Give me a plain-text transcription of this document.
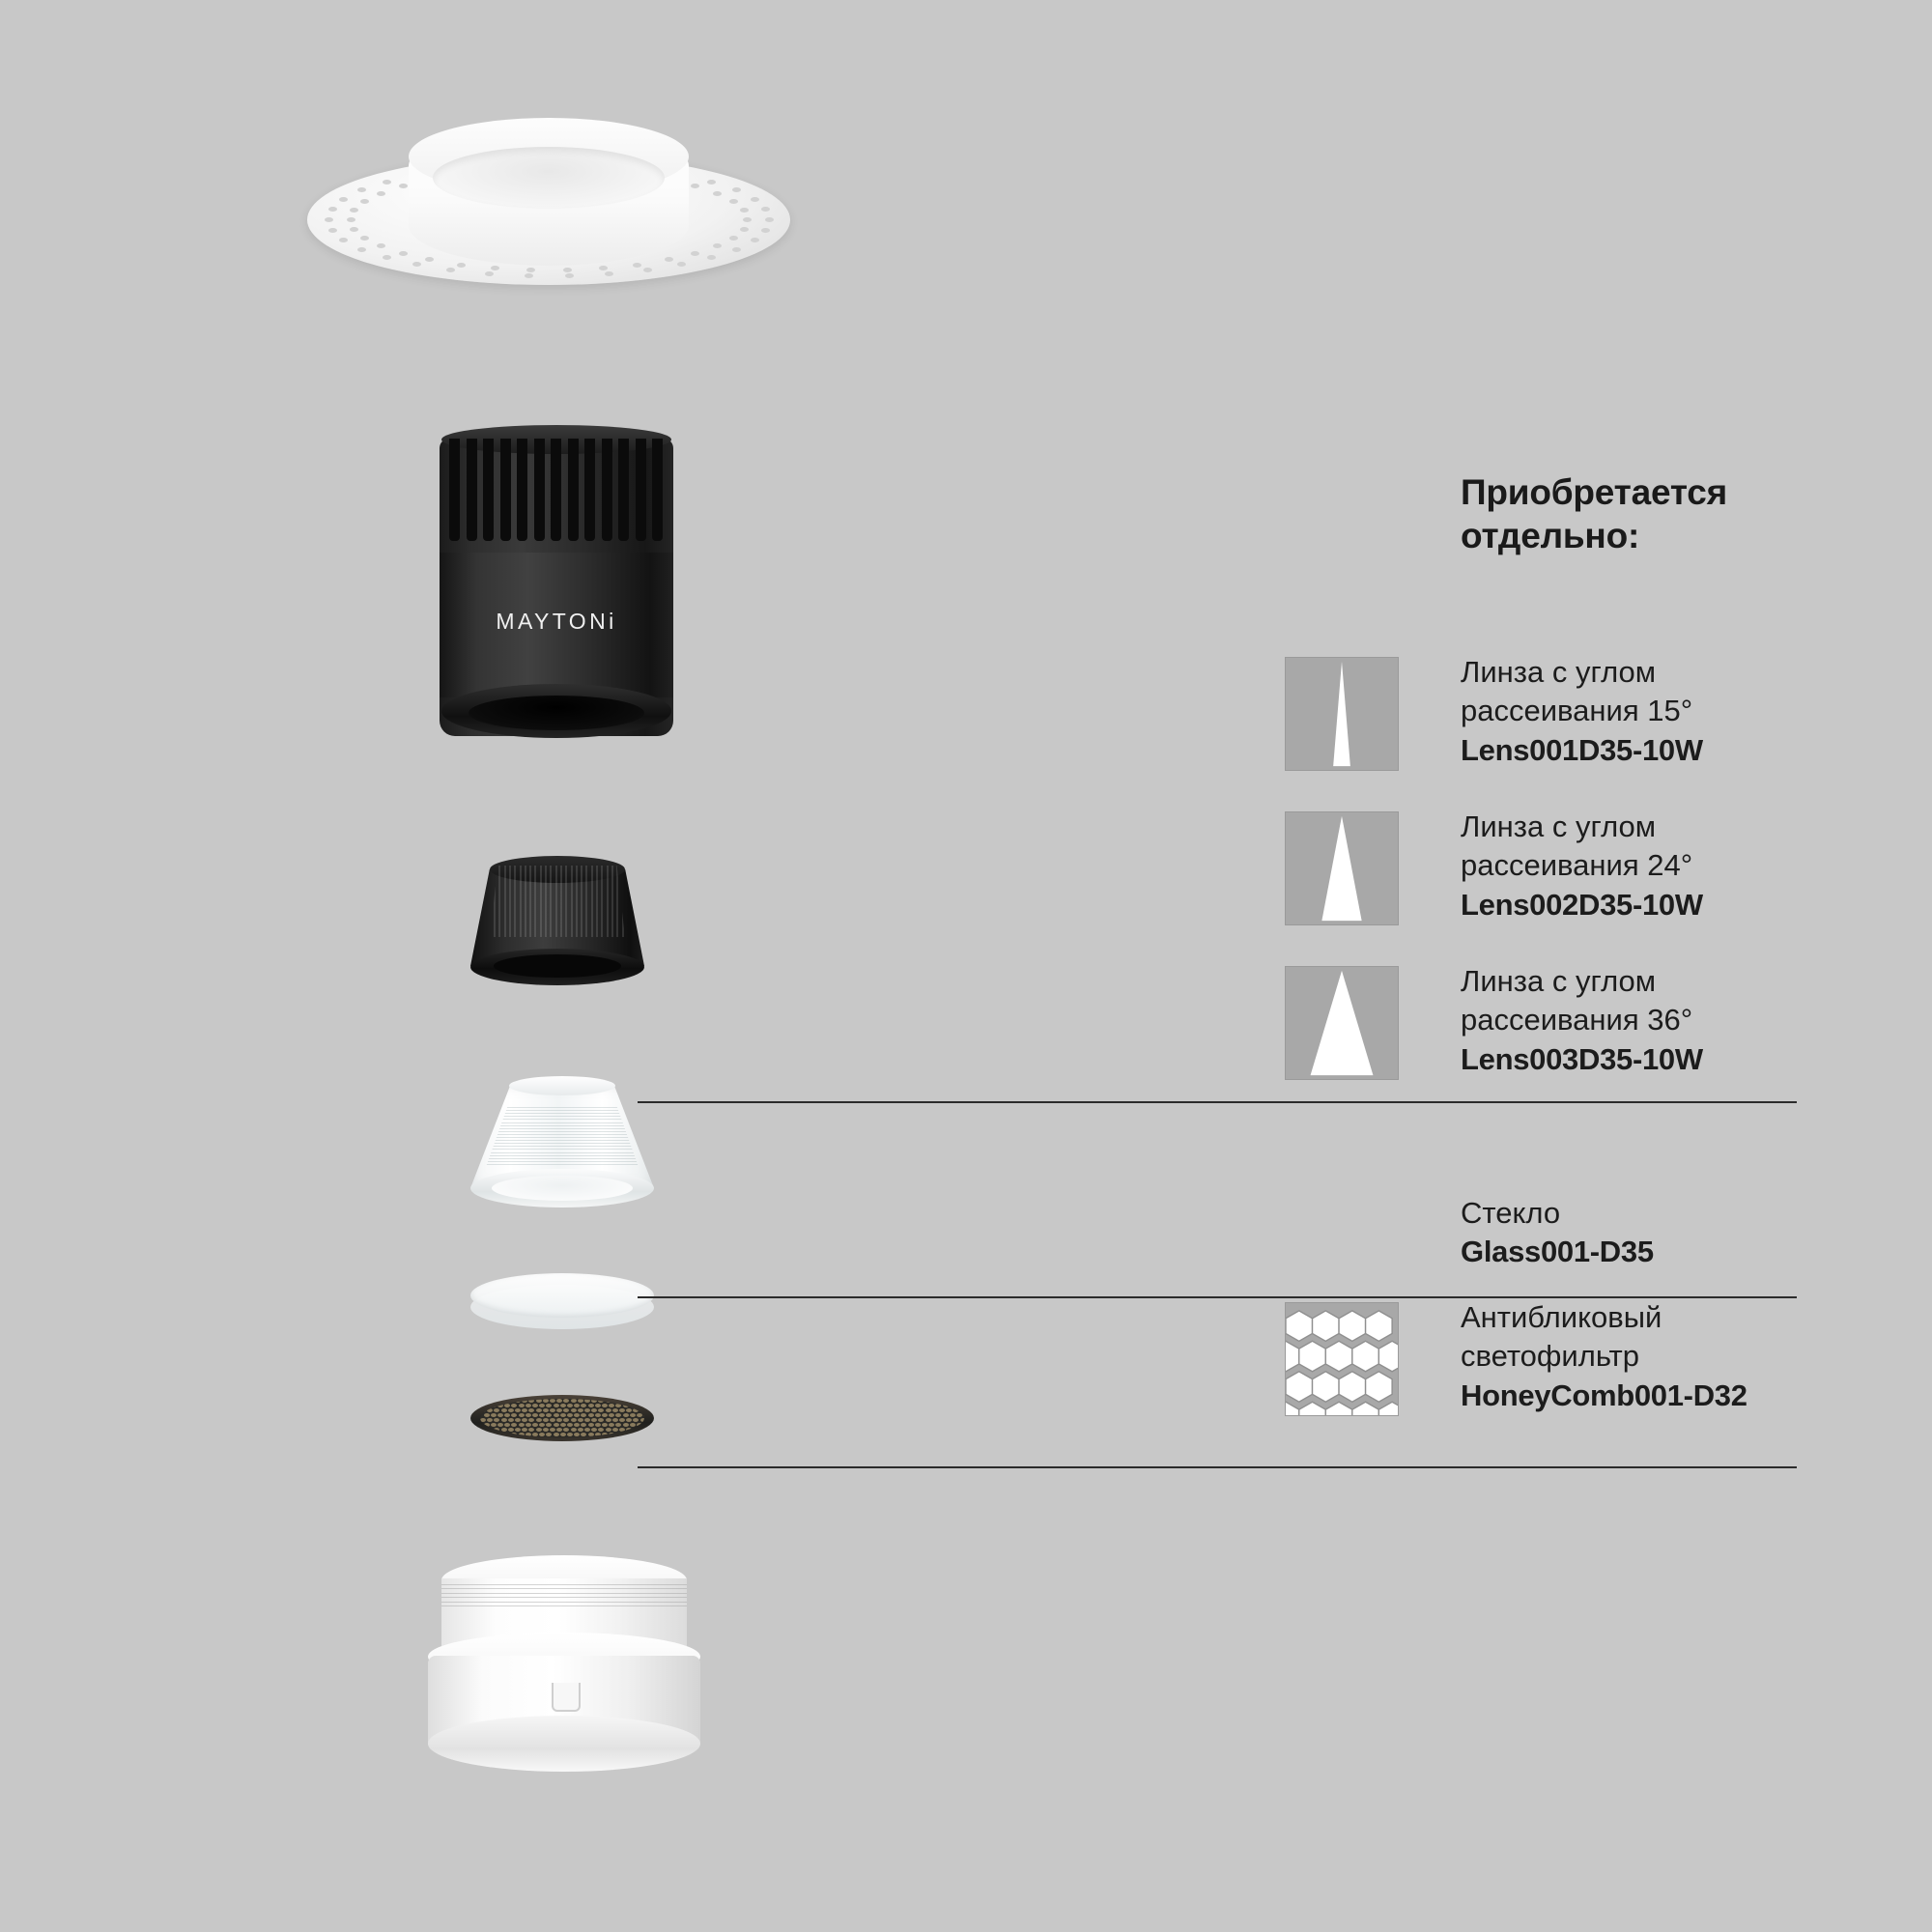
MAYTONi
Приобретается отдельно:
Линза с углом
рассеивания 15°
Lens001D35-10W
Линза с углом
рассеивания 24°
Lens002D35-10W
Линза с углом
рассеивания 36°
Lens003D35-10W
Стекло
Glass001-D35
Антибликовый
светофильтр
HoneyComb001-D32
